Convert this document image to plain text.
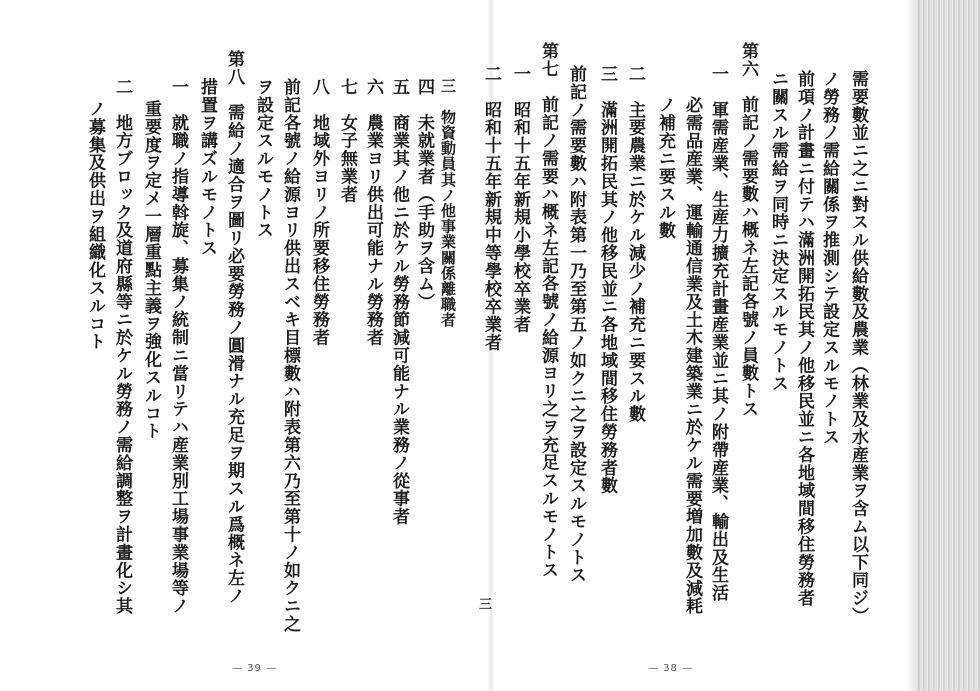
需要數並ニ之ニ對スル供給數及農業（林業及水産業ヲ含ム以下同ジ）
ノ勞務ノ需給關係ヲ推測シテ設定スルモノトス
前項ノ計畫ニ付テハ滿洲開拓民其ノ他移民並ニ各地域間移住勞務者
ニ關スル需給ヲ同時ニ決定スルモノトス
第六　前記ノ需要數ハ概ネ左記各號ノ員數トス
一　軍需産業、生産力擴充計畫産業並ニ其ノ附帶産業、輸出及生活
必需品産業、運輸通信業及土木建築業ニ於ケル需要増加數及減耗
ノ補充ニ要スル數
二　主要農業ニ於ケル減少ノ補充ニ要スル數
三　滿洲開拓民其ノ他移民並ニ各地域間移住勞務者數
前記ノ需要數ハ附表第一乃至第五ノ如クニ之ヲ設定スルモノトス
第七　前記ノ需要ハ概ネ左記各號ノ給源ヨリ之ヲ充足スルモノトス
一　昭和十五年新規小學校卒業者
二　昭和十五年新規中等學校卒業者
三
— 38 —
三　物資動員其ノ他事業關係離職者
四　未就業者（手助ヲ含ム）
五　商業其ノ他ニ於ケル勞務節減可能ナル業務ノ從事者
六　農業ヨリ供出可能ナル勞務者
七　女子無業者
八　地域外ヨリノ所要移住勞務者
前記各號ノ給源ヨリ供出スベキ目標數ハ附表第六乃至第十ノ如クニ之
ヲ設定スルモノトス
第八　需給ノ適合ヲ圖リ必要勞務ノ圓滑ナル充足ヲ期スル爲概ネ左ノ
措置ヲ講ズルモノトス
一　就職ノ指導斡旋、募集ノ統制ニ當リテハ産業別工場事業場等ノ
重要度ヲ定メ一層重點主義ヲ強化スルコト
二　地方ブロック及道府縣等ニ於ケル勞務ノ需給調整ヲ計畫化シ其
ノ募集及供出ヲ組織化スルコト
— 39 —
